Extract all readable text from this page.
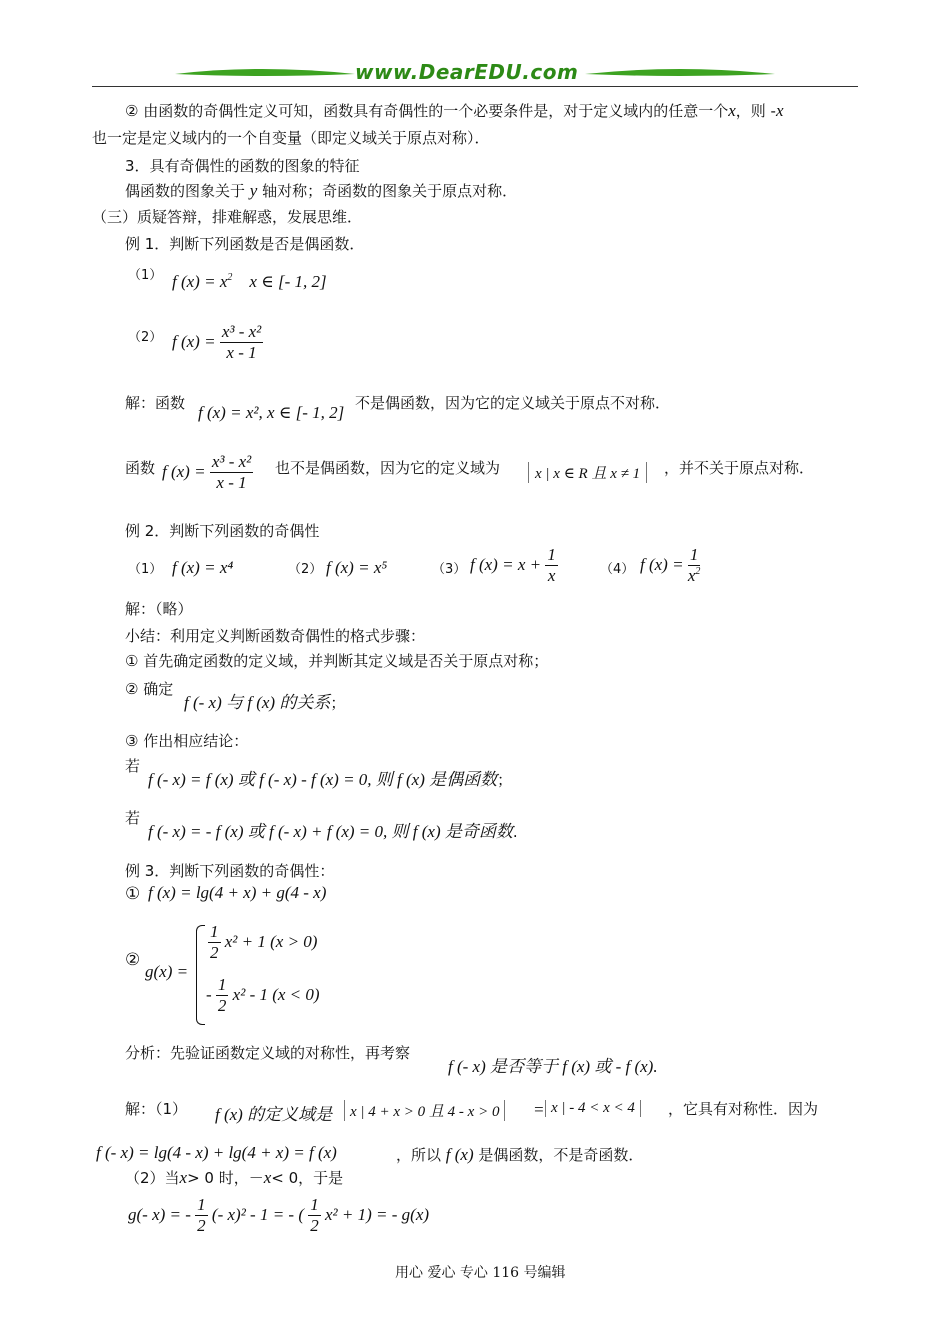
www.DearEDU.com
② 由函数的奇偶性定义可知，函数具有奇偶性的一个必要条件是，对于定义域内的任意一个x，则 -x
也一定是定义域内的一个自变量（即定义域关于原点对称）．
3．具有奇偶性的函数的图象的特征
偶函数的图象关于 y 轴对称；奇函数的图象关于原点对称．
（三）质疑答辩，排难解惑，发展思维．
例 1．判断下列函数是否是偶函数．
（1） f $(x) = x^2$ x ∈ [- 1, 2]
（2） f $(x) = \frac{\text{x³ - x²}}{x - 1}$
解：函数 f (x) = x², x ∈ [- 1, 2] 不是偶函数，因为它的定义域关于原点不对称．
函数 f $(x) = \frac{\text{x³ - x²}}{x - 1}$ 也不是偶函数，因为它的定义域为	x | x ∈ R 且 x ≠ 1	，并不关于原点对称．
例 2．判断下列函数的奇偶性
（1） f (x) = x⁴	（2） f (x) = x⁵	（3） f $(x) = x + \frac{1}{x}$	（4） f $(x) = \frac{1}{x^2}$
解：（略）
小结：利用定义判断函数奇偶性的格式步骤：
① 首先确定函数的定义域，并判断其定义域是否关于原点对称；
② 确定
f (- x) 与 f (x) 的关系；
③ 作出相应结论：
若
f (- x) = f (x) 或 f (- x) - f (x) = 0, 则 f (x) 是偶函数；
若
f (- x) = - f (x) 或 f (- x) + f (x) = 0, 则 f (x) 是奇函数.
例 3．判断下列函数的奇偶性：
① f (x) = lg(4 + x) + g(4 - x)
②
g(x) =
$\frac{1}{2} x^2 + 1$ (x > 0)
- $\frac{1}{2} x^2 - 1$ (x < 0)
分析：先验证函数定义域的对称性，再考察
f (- x) 是否等于 f (x) 或 - f (x).
解：（1） f (x) 的定义域是	x | 4 + x > 0 且 4 - x > 0	= x | - 4 < x < 4	，它具有对称性．因为
f (- x) = lg(4 - x) + lg(4 + x) = f (x)	，所以 f (x) 是偶函数，不是奇函数．
（2）当x> 0 时，－x< 0，于是
g(- x) = - $\frac{1}{2}$ (- x)² - 1 = - ( $\frac{1}{2} x^2 + 1$) = - g(x)
用心 爱心 专心 116 号编辑
